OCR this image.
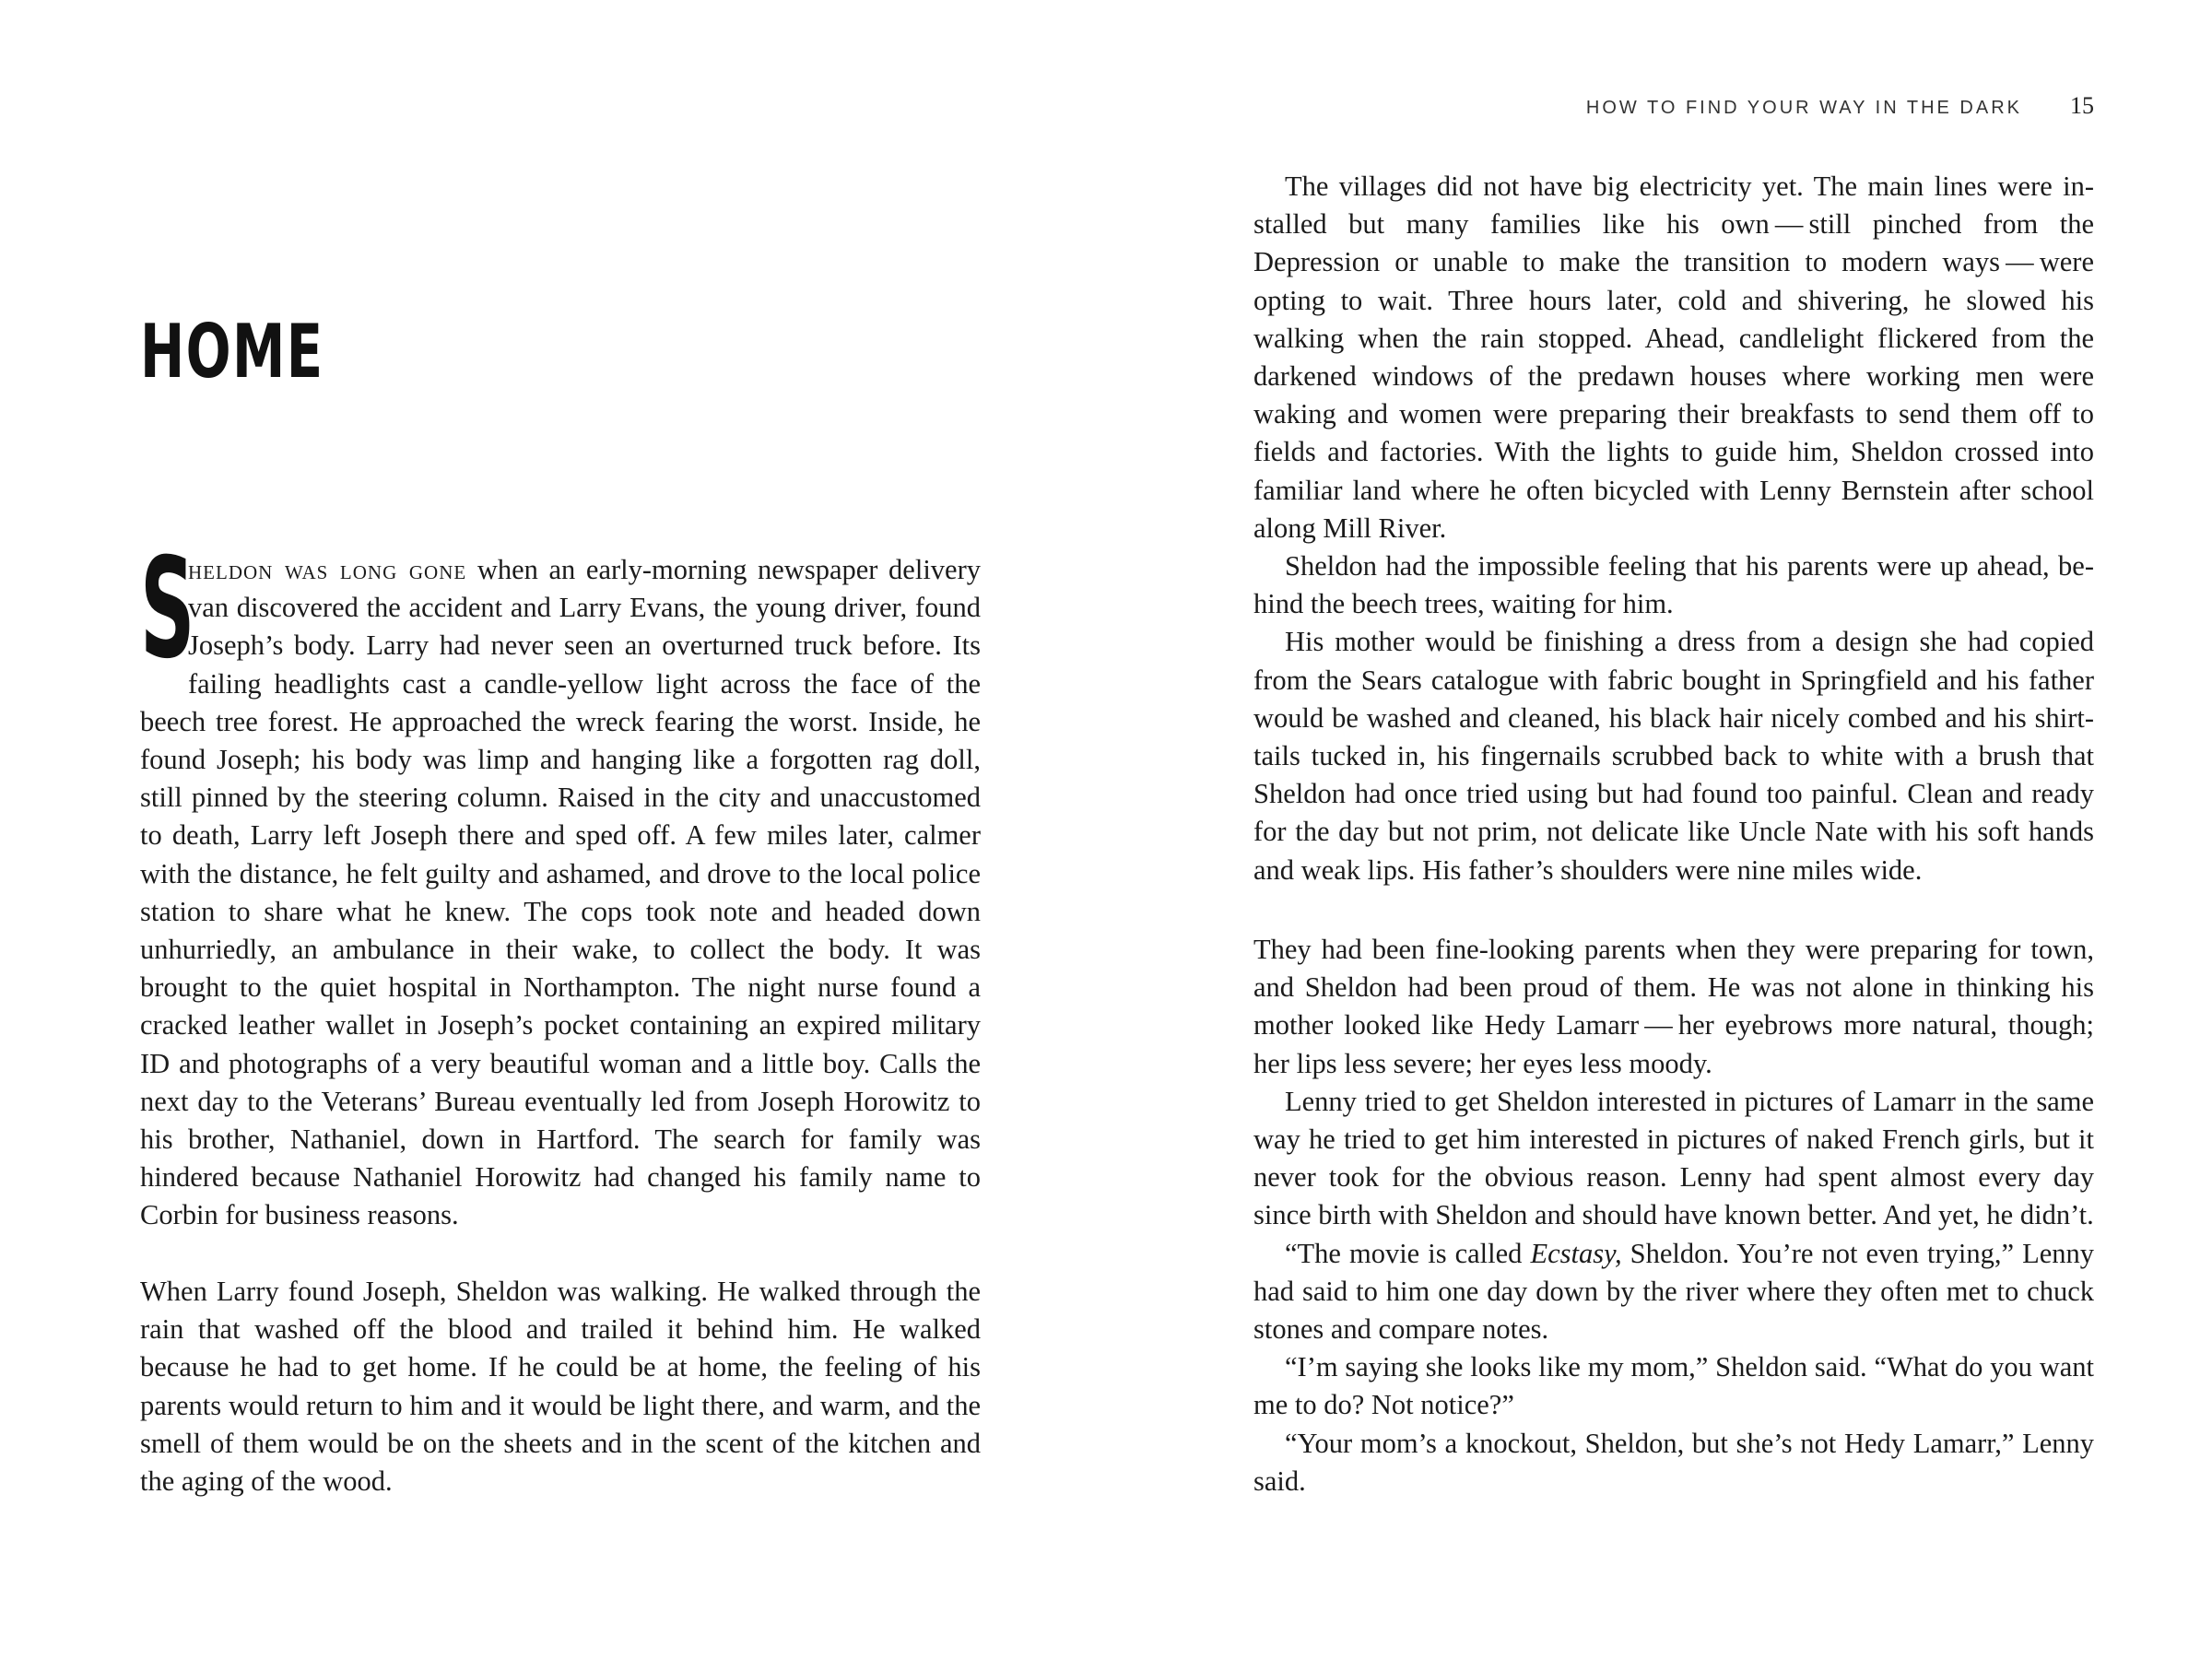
HOME

S
heldon was long gone when an early-morning newspaper delivery van discovered the accident and Larry Evans, the young driver, found Joseph’s body. Larry had never seen an overturned truck before. Its failing headlights cast a candle-yellow light across the face of the beech tree forest. He approached the wreck fearing the worst. Inside, he found Joseph; his body was limp and hanging like a forgotten rag doll, still pinned by the steering column. Raised in the city and unaccustomed to death, Larry left Joseph there and sped off. A few miles later, calmer with the distance, he felt guilty and ashamed, and drove to the local police station to share what he knew. The cops took note and headed down unhurriedly, an ambulance in their wake, to collect the body. It was brought to the quiet hospital in Northampton. The night nurse found a cracked leather wallet in Joseph’s pocket containing an expired military ID and photographs of a very beautiful woman and a little boy. Calls the next day to the Veterans’ Bureau eventually led from Joseph Horowitz to his brother, Nathaniel, down in Hartford. The search for family was hindered because Nathaniel Horowitz had changed his family name to Corbin for business reasons.

When Larry found Joseph, Sheldon was walking. He walked through the rain that washed off the blood and trailed it behind him. He walked because he had to get home. If he could be at home, the feeling of his parents would return to him and it would be light there, and warm, and the smell of them would be on the sheets and in the scent of the kitchen and the aging of the wood.

HOW TO FIND YOUR WAY IN THE DARK 15

The villages did not have big electricity yet. The main lines were installed but many families like his own — still pinched from the Depression or unable to make the transition to modern ways — were opting to wait. Three hours later, cold and shivering, he slowed his walking when the rain stopped. Ahead, candlelight flickered from the darkened windows of the predawn houses where working men were waking and women were preparing their breakfasts to send them off to fields and factories. With the lights to guide him, Sheldon crossed into familiar land where he often bicycled with Lenny Bernstein after school along Mill River.

Sheldon had the impossible feeling that his parents were up ahead, behind the beech trees, waiting for him.

His mother would be finishing a dress from a design she had copied from the Sears catalogue with fabric bought in Springfield and his father would be washed and cleaned, his black hair nicely combed and his shirttails tucked in, his fingernails scrubbed back to white with a brush that Sheldon had once tried using but had found too painful. Clean and ready for the day but not prim, not delicate like Uncle Nate with his soft hands and weak lips. His father’s shoulders were nine miles wide.

They had been fine-looking parents when they were preparing for town, and Sheldon had been proud of them. He was not alone in thinking his mother looked like Hedy Lamarr — her eyebrows more natural, though; her lips less severe; her eyes less moody.

Lenny tried to get Sheldon interested in pictures of Lamarr in the same way he tried to get him interested in pictures of naked French girls, but it never took for the obvious reason. Lenny had spent almost every day since birth with Sheldon and should have known better. And yet, he didn’t.

“The movie is called Ecstasy, Sheldon. You’re not even trying,” Lenny had said to him one day down by the river where they often met to chuck stones and compare notes.

“I’m saying she looks like my mom,” Sheldon said. “What do you want me to do? Not notice?”

“Your mom’s a knockout, Sheldon, but she’s not Hedy Lamarr,” Lenny said.
